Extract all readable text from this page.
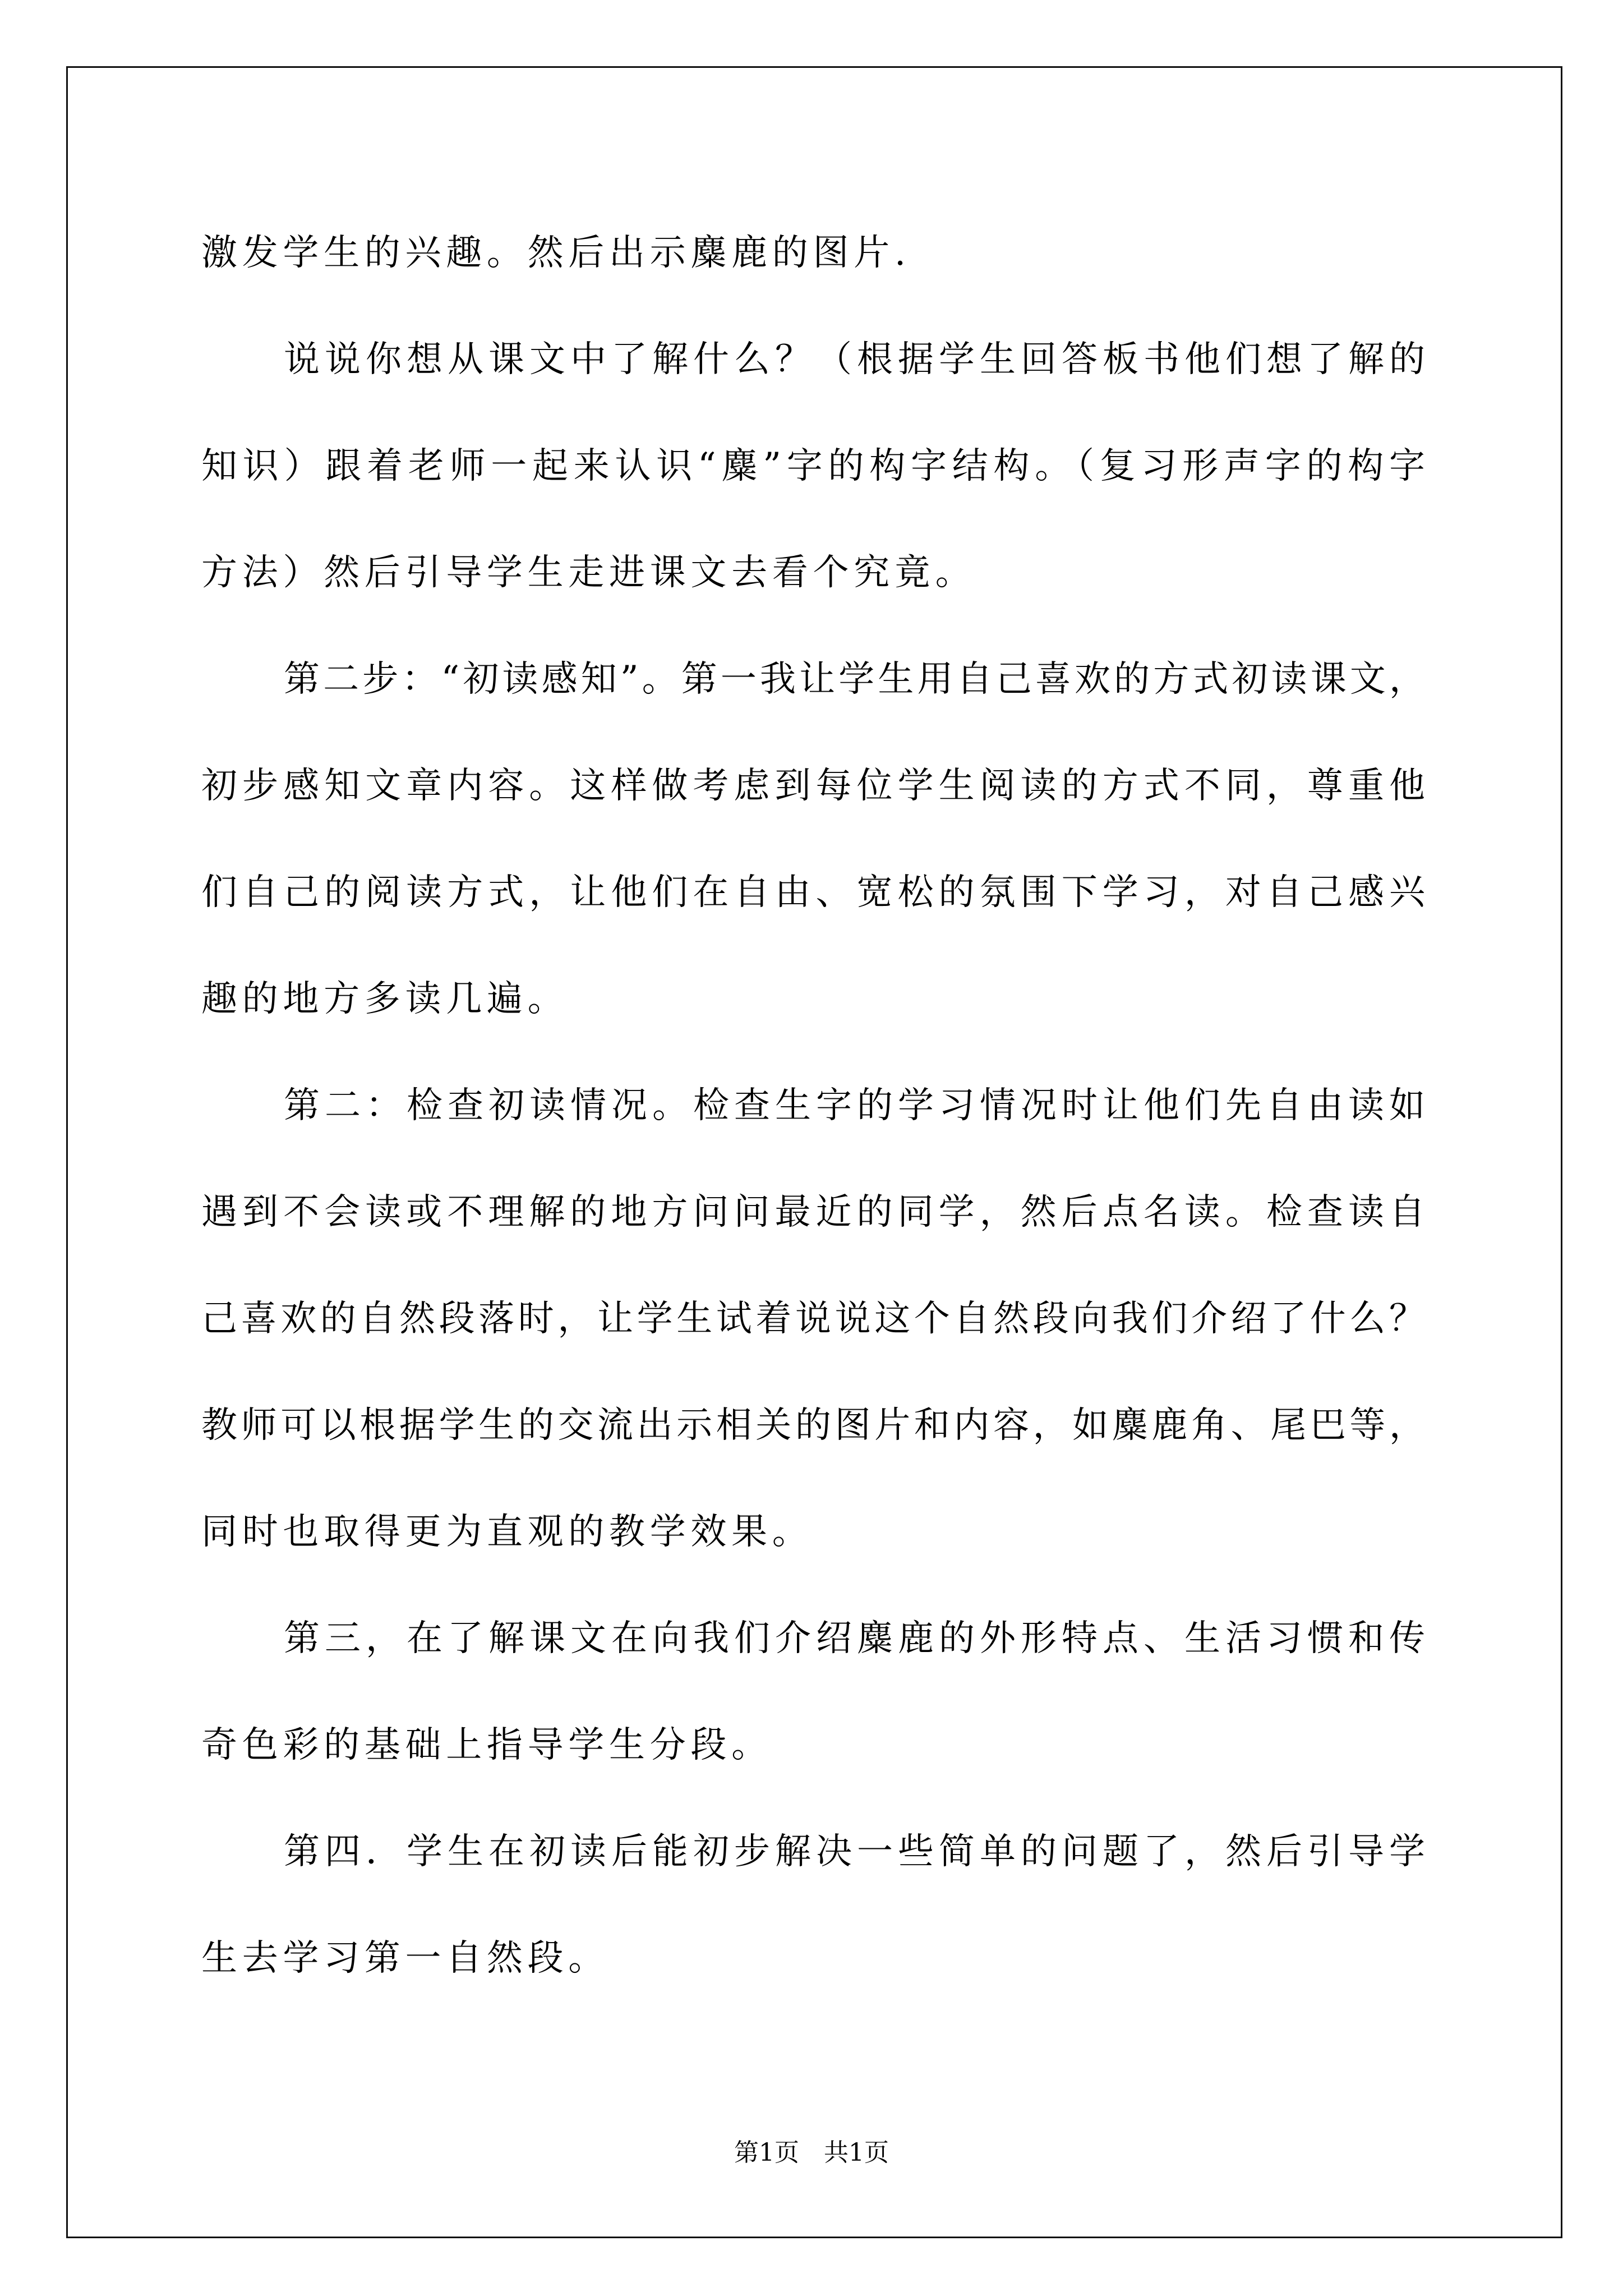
激发学生的兴趣。然后出示麋鹿的图片.
说说你想从课文中了解什么？（根据学生回答板书他们想了解的
知识）跟着老师一起来认识“麋”字的构字结构。（复习形声字的构字
方法）然后引导学生走进课文去看个究竟。
第二步：“初读感知”。第一我让学生用自己喜欢的方式初读课文，
初步感知文章内容。这样做考虑到每位学生阅读的方式不同，尊重他
们自己的阅读方式，让他们在自由、宽松的氛围下学习，对自己感兴
趣的地方多读几遍。
第二：检查初读情况。检查生字的学习情况时让他们先自由读如
遇到不会读或不理解的地方问问最近的同学，然后点名读。检查读自
己喜欢的自然段落时，让学生试着说说这个自然段向我们介绍了什么？
教师可以根据学生的交流出示相关的图片和内容，如麋鹿角、尾巴等，
同时也取得更为直观的教学效果。
第三，在了解课文在向我们介绍麋鹿的外形特点、生活习惯和传
奇色彩的基础上指导学生分段。
第四．学生在初读后能初步解决一些简单的问题了，然后引导学
生去学习第一自然段。
第1页　共1页
